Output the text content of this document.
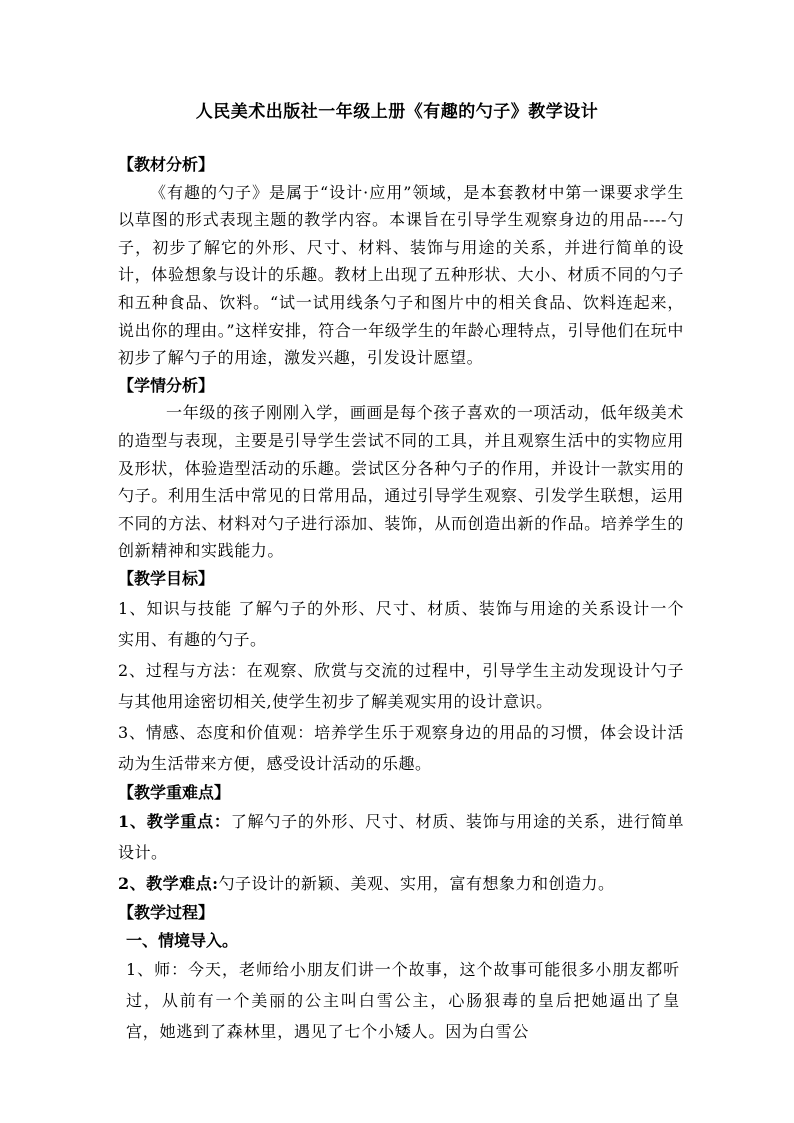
人民美术出版社一年级上册《有趣的勺子》教学设计

【教材分析】

《有趣的勺子》是属于“设计·应用”领域，是本套教材中第一课要求学生以草图的形式表现主题的教学内容。本课旨在引导学生观察身边的用品----勺子，初步了解它的外形、尺寸、材料、装饰与用途的关系，并进行简单的设计，体验想象与设计的乐趣。教材上出现了五种形状、大小、材质不同的勺子和五种食品、饮料。“试一试用线条勺子和图片中的相关食品、饮料连起来，说出你的理由。”这样安排，符合一年级学生的年龄心理特点，引导他们在玩中初步了解勺子的用途，激发兴趣，引发设计愿望。

【学情分析】

一年级的孩子刚刚入学，画画是每个孩子喜欢的一项活动，低年级美术的造型与表现，主要是引导学生尝试不同的工具，并且观察生活中的实物应用及形状，体验造型活动的乐趣。尝试区分各种勺子的作用，并设计一款实用的勺子。利用生活中常见的日常用品，通过引导学生观察、引发学生联想，运用不同的方法、材料对勺子进行添加、装饰，从而创造出新的作品。培养学生的创新精神和实践能力。

【教学目标】

1、知识与技能 了解勺子的外形、尺寸、材质、装饰与用途的关系设计一个 实用、有趣的勺子。

2、过程与方法：在观察、欣赏与交流的过程中，引导学生主动发现设计勺子与其他用途密切相关,使学生初步了解美观实用的设计意识。

3、情感、态度和价值观：培养学生乐于观察身边的用品的习惯，体会设计活动为生活带来方便，感受设计活动的乐趣。

【教学重难点】

1、教学重点：了解勺子的外形、尺寸、材质、装饰与用途的关系，进行简单设计。

2、教学难点:勺子设计的新颖、美观、实用，富有想象力和创造力。

【教学过程】

一、情境导入。

1、师：今天，老师给小朋友们讲一个故事，这个故事可能很多小朋友都听过，从前有一个美丽的公主叫白雪公主，心肠狠毒的皇后把她逼出了皇宫，她逃到了森林里，遇见了七个小矮人。因为白雪公
